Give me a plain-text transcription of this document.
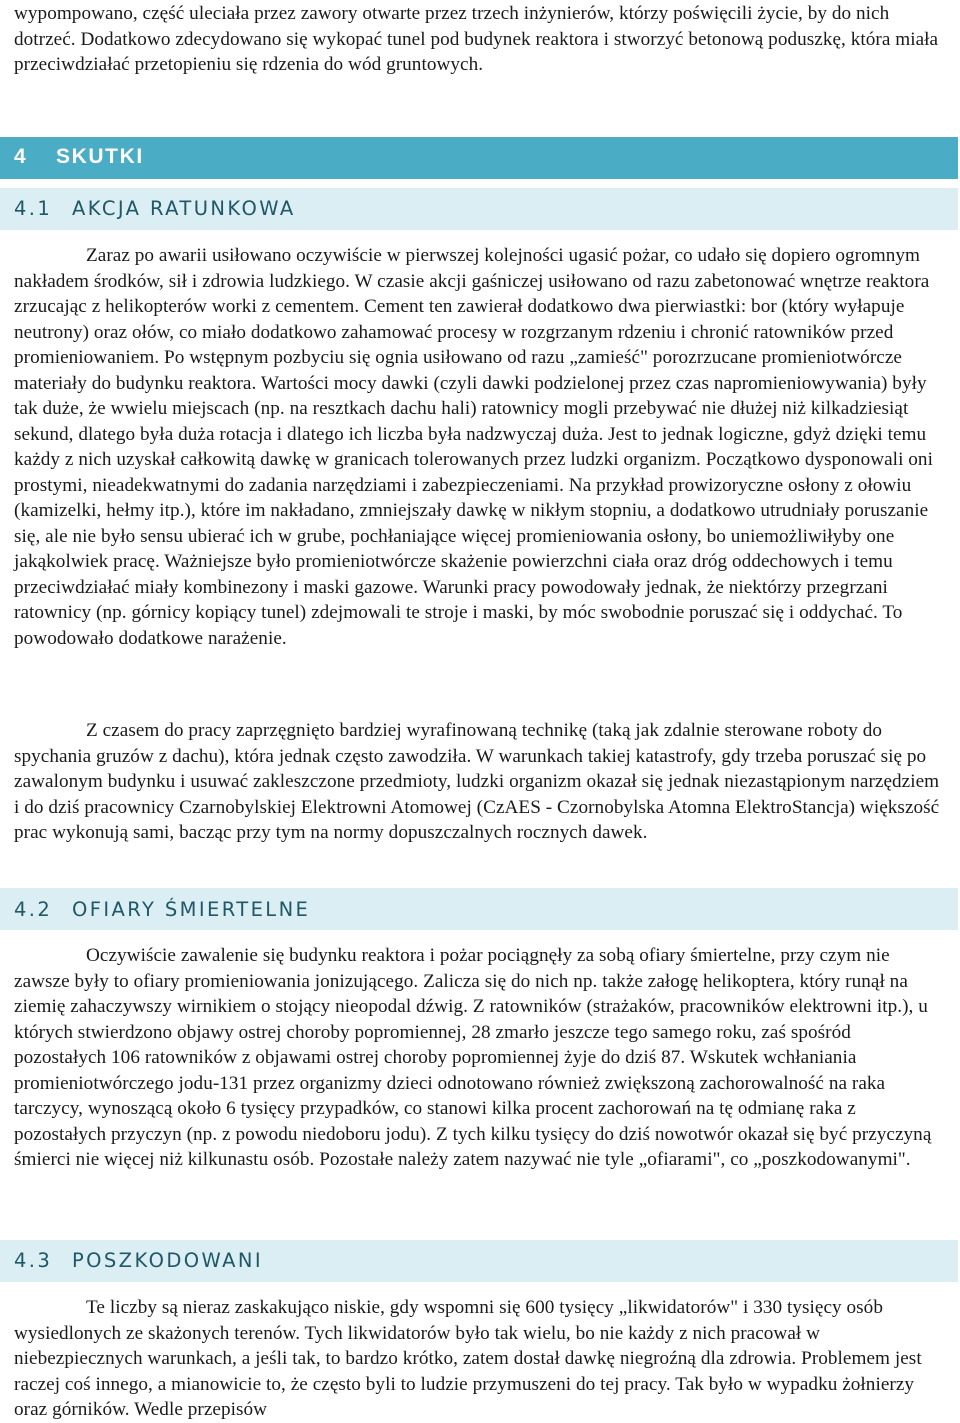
wypompowano, część uleciała przez zawory otwarte przez trzech inżynierów, którzy poświęcili życie, by do nich dotrzeć. Dodatkowo zdecydowano się wykopać tunel pod budynek reaktora i stworzyć betonową poduszkę, która miała przeciwdziałać przetopieniu się rdzenia do wód gruntowych.

4 SKUTKI
4.1 AKCJA RATUNKOWA

Zaraz po awarii usiłowano oczywiście w pierwszej kolejności ugasić pożar, co udało się dopiero ogromnym nakładem środków, sił i zdrowia ludzkiego. W czasie akcji gaśniczej usiłowano od razu zabetonować wnętrze reaktora zrzucając z helikopterów worki z cementem. Cement ten zawierał dodatkowo dwa pierwiastki: bor (który wyłapuje neutrony) oraz ołów, co miało dodatkowo zahamować procesy w rozgrzanym rdzeniu i chronić ratowników przed promieniowaniem. Po wstępnym pozbyciu się ognia usiłowano od razu „zamieść" porozrzucane promieniotwórcze materiały do budynku reaktora. Wartości mocy dawki (czyli dawki podzielonej przez czas napromieniowywania) były tak duże, że wwielu miejscach (np. na resztkach dachu hali) ratownicy mogli przebywać nie dłużej niż kilkadziesiąt sekund, dlatego była duża rotacja i dlatego ich liczba była nadzwyczaj duża. Jest to jednak logiczne, gdyż dzięki temu każdy z nich uzyskał całkowitą dawkę w granicach tolerowanych przez ludzki organizm. Początkowo dysponowali oni prostymi, nieadekwatnymi do zadania narzędziami i zabezpieczeniami. Na przykład prowizoryczne osłony z ołowiu (kamizelki, hełmy itp.), które im nakładano, zmniejszały dawkę w nikłym stopniu, a dodatkowo utrudniały poruszanie się, ale nie było sensu ubierać ich w grube, pochłaniające więcej promieniowania osłony, bo uniemożliwiłyby one jakąkolwiek pracę. Ważniejsze było promieniotwórcze skażenie powierzchni ciała oraz dróg oddechowych i temu przeciwdziałać miały kombinezony i maski gazowe. Warunki pracy powodowały jednak, że niektórzy przegrzani ratownicy (np. górnicy kopiący tunel) zdejmowali te stroje i maski, by móc swobodnie poruszać się i oddychać. To powodowało dodatkowe narażenie.

Z czasem do pracy zaprzęgnięto bardziej wyrafinowaną technikę (taką jak zdalnie sterowane roboty do spychania gruzów z dachu), która jednak często zawodziła. W warunkach takiej katastrofy, gdy trzeba poruszać się po zawalonym budynku i usuwać zakleszczone przedmioty, ludzki organizm okazał się jednak niezastąpionym narzędziem i do dziś pracownicy Czarnobylskiej Elektrowni Atomowej (CzAES - Czornobylska Atomna ElektroStancja) większość prac wykonują sami, bacząc przy tym na normy dopuszczalnych rocznych dawek.

4.2 OFIARY ŚMIERTELNE

Oczywiście zawalenie się budynku reaktora i pożar pociągnęły za sobą ofiary śmiertelne, przy czym nie zawsze były to ofiary promieniowania jonizującego. Zalicza się do nich np. także załogę helikoptera, który runął na ziemię zahaczywszy wirnikiem o stojący nieopodal dźwig. Z ratowników (strażaków, pracowników elektrowni itp.), u których stwierdzono objawy ostrej choroby popromiennej, 28 zmarło jeszcze tego samego roku, zaś spośród pozostałych 106 ratowników z objawami ostrej choroby popromiennej żyje do dziś 87. Wskutek wchłaniania promieniotwórczego jodu-131 przez organizmy dzieci odnotowano również zwiększoną zachorowalność na raka tarczycy, wynoszącą około 6 tysięcy przypadków, co stanowi kilka procent zachorowań na tę odmianę raka z pozostałych przyczyn (np. z powodu niedoboru jodu). Z tych kilku tysięcy do dziś nowotwór okazał się być przyczyną śmierci nie więcej niż kilkunastu osób. Pozostałe należy zatem nazywać nie tyle „ofiarami", co „poszkodowanymi".

4.3 POSZKODOWANI

Te liczby są nieraz zaskakująco niskie, gdy wspomni się 600 tysięcy „likwidatorów" i 330 tysięcy osób wysiedlonych ze skażonych terenów. Tych likwidatorów było tak wielu, bo nie każdy z nich pracował w niebezpiecznych warunkach, a jeśli tak, to bardzo krótko, zatem dostał dawkę niegroźną dla zdrowia. Problemem jest raczej coś innego, a mianowicie to, że często byli to ludzie przymuszeni do tej pracy. Tak było w wypadku żołnierzy oraz górników. Wedle przepisów
